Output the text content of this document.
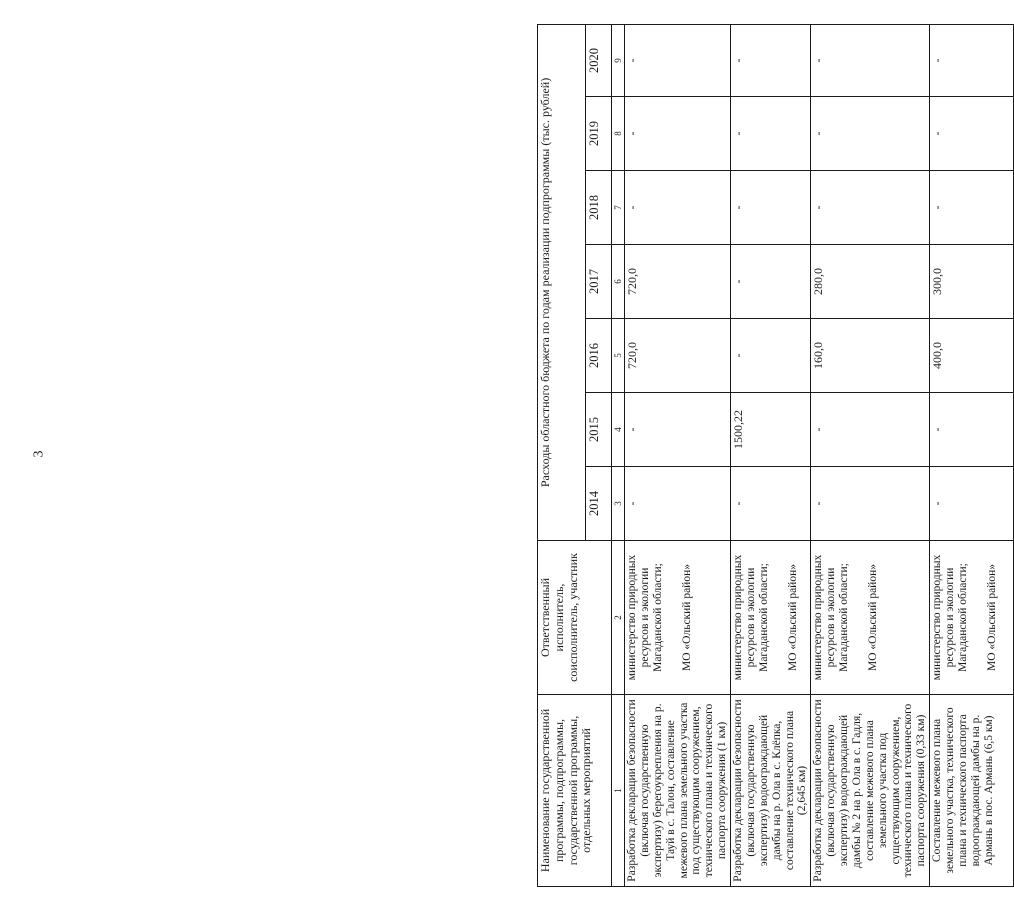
3
Наименование государственной программы, подпрограммы, государственной программы, отдельных мероприятий	Ответственный исполнитель, соисполнитель, участник	Расходы областного бюджета по годам реализации подпрограммы (тыс. рублей)						
		2014	2015	2016	2017	2018	2019	2020
1	2	3	4	5	6	7	8	9
Разработка декларации безопасности (включая государственную экспертизу) берегоукрепления на р. Тауй в с. Талон, составление межевого плана земельного участка под существующим сооружением, технического плана и технического паспорта сооружения (1 км)	министерство природных ресурсов и экологии Магаданской области; МО «Ольский район»	-	-	720,0	720,0	-	-	-
Разработка декларации безопасности (включая государственную экспертизу) водоограждающей дамбы на р. Ола в с. Клёпка, составление технического плана (2,645 км)	министерство природных ресурсов и экологии Магаданской области; МО «Ольский район»	-	1500,22	-	-	-	-	-
Разработка декларации безопасности (включая государственную экспертизу) водоограждающей дамбы № 2 на р. Ола в с. Гадля, составление межевого плана земельного участка под существующим сооружением, технического плана и технического паспорта сооружения (0,33 км)	министерство природных ресурсов и экологии Магаданской области; МО «Ольский район»	-	-	160,0	280,0	-	-	-
Составление межевого плана земельного участка, технического плана и технического паспорта водоограждающей дамбы на р. Армань в пос. Армань (6,5 км)	министерство природных ресурсов и экологии Магаданской области; МО «Ольский район»	-	-	400,0	300,0	-	-	-
